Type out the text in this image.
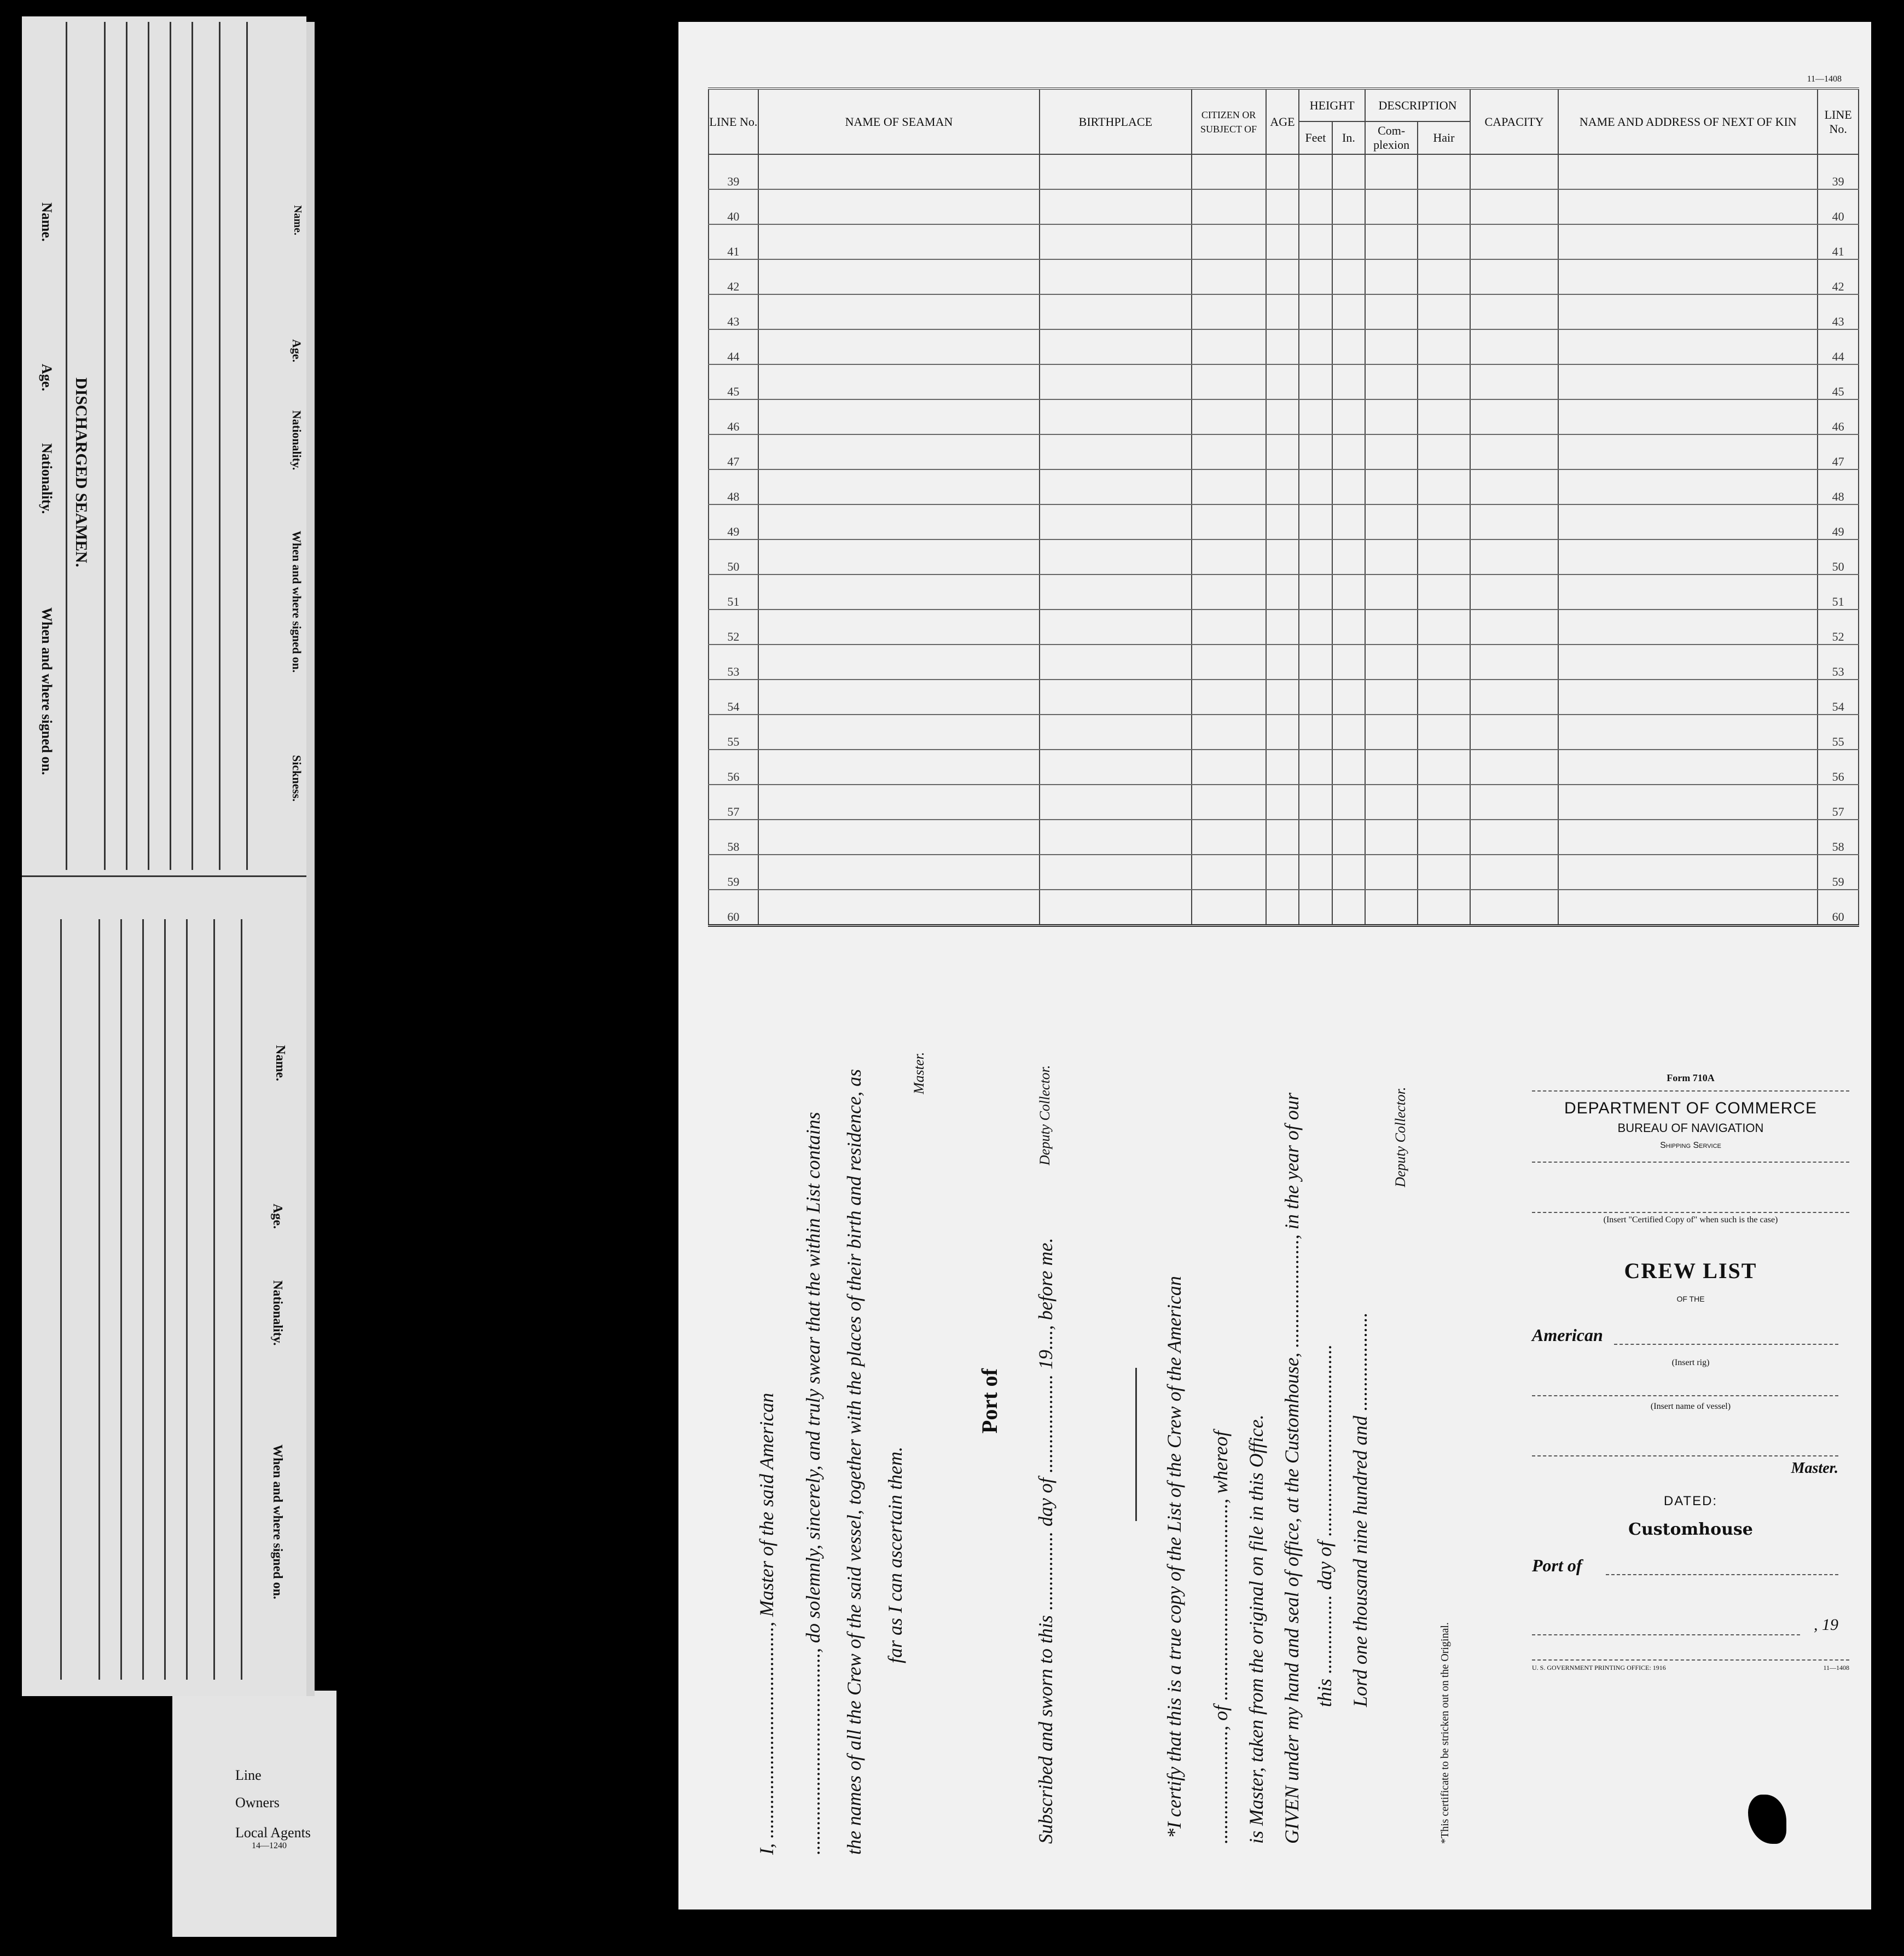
DISCHARGED SEAMEN.
Name.
Age.
Nationality.
When and where signed on.
Name.
Age.
Nationality.
When and where signed on.
Sickness.
Name.
Age.
Nationality.
When and where signed on.
Line
Owners
Local Agents
14—1240
11—1408
LINE No.	NAME OF SEAMAN	BIRTHPLACE	CITIZEN OR SUBJECT OF	AGE	HEIGHT		DESCRIPTION		CAPACITY	NAME AND ADDRESS OF NEXT OF KIN	LINE No.
					Feet	In.	Com- plexion	Hair			
39											39
40											40
41											41
42											42
43											43
44											44
45											45
46											46
47											47
48											48
49											49
50											50
51											51
52											52
53											53
54											54
55											55
56											56
57											57
58											58
59											59
60											60
I, ..........................................., Master of the said American ........................................., do solemnly, sincerely, and truly swear that the within List contains the names of all the Crew of the said vessel, together with the places of their birth and residence, as far as I can ascertain them.
Master.
Port of Subscribed and sworn to this ................ day of .................... 19...., before me.
Deputy Collector.
*I certify that this is a true copy of the List of the Crew of the American ......................., of ........................................, whereof is Master, taken from the original on file in this Office. GIVEN under my hand and seal of office, at the Customhouse, ......................, in the year of our this ................ day of ....................................... Lord one thousand nine hundred and ....................
Deputy Collector.
*This certificate to be stricken out on the Original.
Form 710A
DEPARTMENT OF COMMERCE
BUREAU OF NAVIGATION
Shipping Service
(Insert "Certified Copy of" when such is the case)
CREW LIST
OF THE
American
(Insert rig)
(Insert name of vessel)
Master.
DATED:
Customhouse
Port of
, 19
U. S. GOVERNMENT PRINTING OFFICE: 1916	11—1408
